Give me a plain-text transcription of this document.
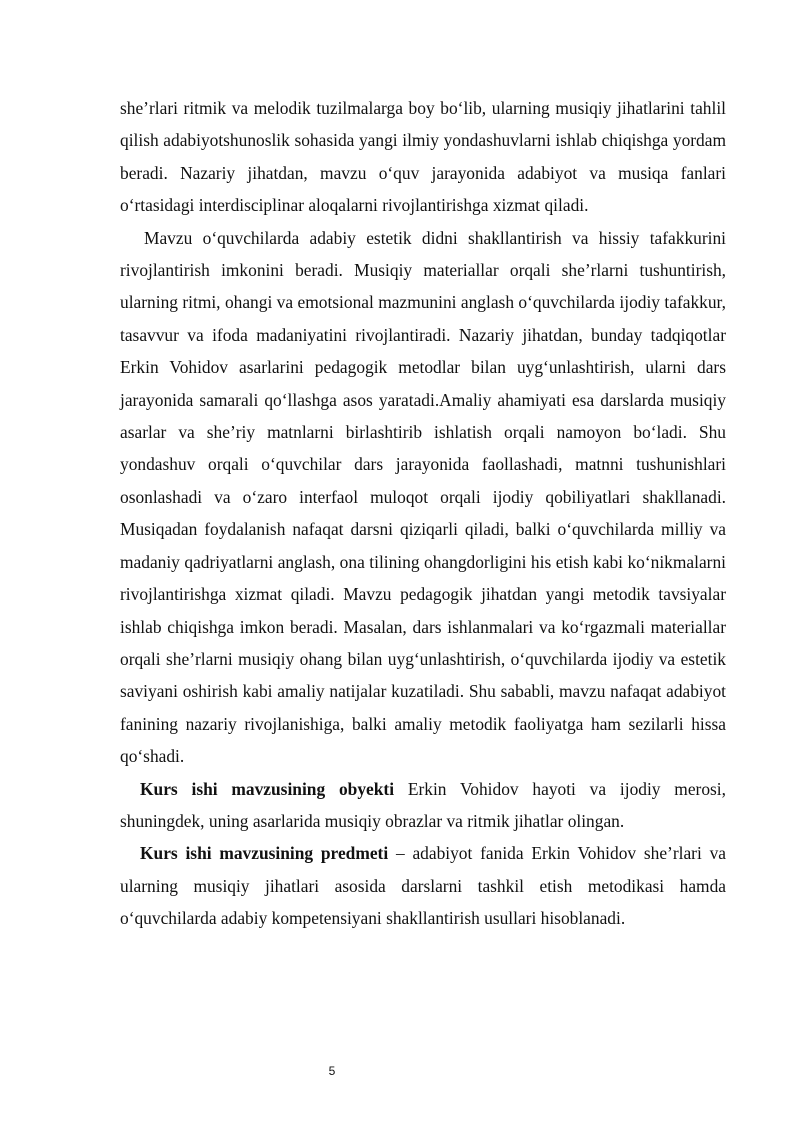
she’rlari ritmik va melodik tuzilmalarga boy bo‘lib, ularning musiqiy jihatlarini tahlil qilish adabiyotshunoslik sohasida yangi ilmiy yondashuvlarni ishlab chiqishga yordam beradi. Nazariy jihatdan, mavzu o‘quv jarayonida adabiyot va musiqa fanlari o‘rtasidagi interdisciplinar aloqalarni rivojlantirishga xizmat qiladi.

Mavzu o‘quvchilarda adabiy estetik didni shakllantirish va hissiy tafakkurini rivojlantirish imkonini beradi. Musiqiy materiallar orqali she’rlarni tushuntirish, ularning ritmi, ohangi va emotsional mazmunini anglash o‘quvchilarda ijodiy tafakkur, tasavvur va ifoda madaniyatini rivojlantiradi. Nazariy jihatdan, bunday tadqiqotlar Erkin Vohidov asarlarini pedagogik metodlar bilan uyg‘unlashtirish, ularni dars jarayonida samarali qo‘llashga asos yaratadi.Amaliy ahamiyati esa darslarda musiqiy asarlar va she’riy matnlarni birlashtirib ishlatish orqali namoyon bo‘ladi. Shu yondashuv orqali o‘quvchilar dars jarayonida faollashadi, matnni tushunishlari osonlashadi va o‘zaro interfaol muloqot orqali ijodiy qobiliyatlari shakllanadi. Musiqadan foydalanish nafaqat darsni qiziqarli qiladi, balki o‘quvchilarda milliy va madaniy qadriyatlarni anglash, ona tilining ohangdorligini his etish kabi ko‘nikmalarni rivojlantirishga xizmat qiladi. Mavzu pedagogik jihatdan yangi metodik tavsiyalar ishlab chiqishga imkon beradi. Masalan, dars ishlanmalari va ko‘rgazmali materiallar orqali she’rlarni musiqiy ohang bilan uyg‘unlashtirish, o‘quvchilarda ijodiy va estetik saviyani oshirish kabi amaliy natijalar kuzatiladi. Shu sababli, mavzu nafaqat adabiyot fanining nazariy rivojlanishiga, balki amaliy metodik faoliyatga ham sezilarli hissa qo‘shadi.

Kurs ishi mavzusining obyekti Erkin Vohidov hayoti va ijodiy merosi, shuningdek, uning asarlarida musiqiy obrazlar va ritmik jihatlar olingan.

Kurs ishi mavzusining predmeti – adabiyot fanida Erkin Vohidov she’rlari va ularning musiqiy jihatlari asosida darslarni tashkil etish metodikasi hamda o‘quvchilarda adabiy kompetensiyani shakllantirish usullari hisoblanadi.

5
